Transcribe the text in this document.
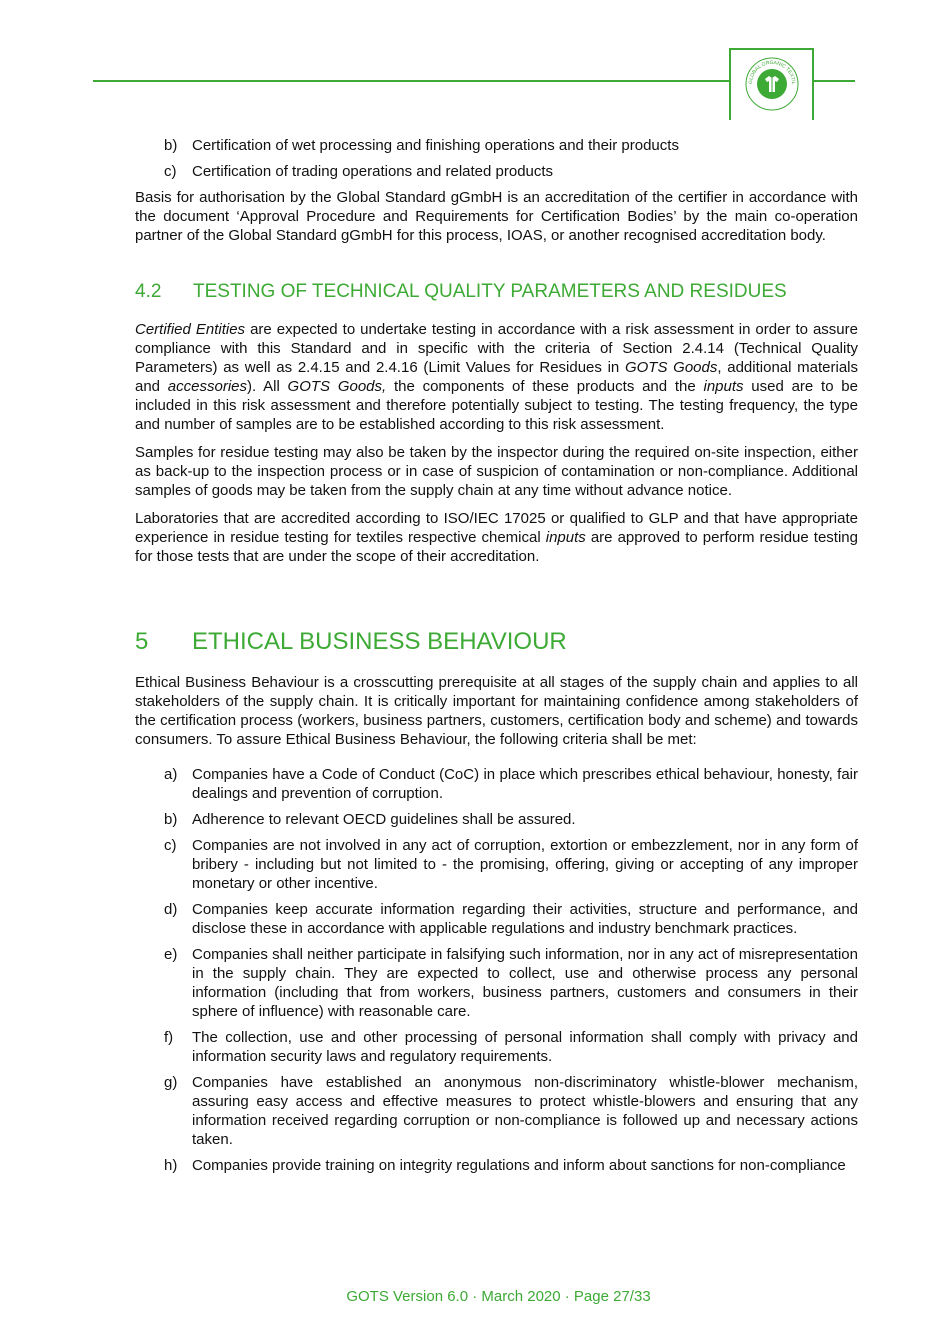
GLOBAL ORGANIC TEXTIL
b) Certification of wet processing and finishing operations and their products
c) Certification of trading operations and related products

Basis for authorisation by the Global Standard gGmbH is an accreditation of the certifier in accordance with the document ‘Approval Procedure and Requirements for Certification Bodies’ by the main co-operation partner of the Global Standard gGmbH for this process, IOAS, or another recognised accreditation body.

4.2 TESTING OF TECHNICAL QUALITY PARAMETERS AND RESIDUES

Certified Entities are expected to undertake testing in accordance with a risk assessment in order to assure compliance with this Standard and in specific with the criteria of Section 2.4.14 (Technical Quality Parameters) as well as 2.4.15 and 2.4.16 (Limit Values for Residues in GOTS Goods, additional materials and accessories). All GOTS Goods, the components of these products and the inputs used are to be included in this risk assessment and therefore potentially subject to testing. The testing frequency, the type and number of samples are to be established according to this risk assessment.

Samples for residue testing may also be taken by the inspector during the required on-site inspection, either as back-up to the inspection process or in case of suspicion of contamination or non-compliance. Additional samples of goods may be taken from the supply chain at any time without advance notice.

Laboratories that are accredited according to ISO/IEC 17025 or qualified to GLP and that have appropriate experience in residue testing for textiles respective chemical inputs are approved to perform residue testing for those tests that are under the scope of their accreditation.

5 ETHICAL BUSINESS BEHAVIOUR

Ethical Business Behaviour is a crosscutting prerequisite at all stages of the supply chain and applies to all stakeholders of the supply chain. It is critically important for maintaining confidence among stakeholders of the certification process (workers, business partners, customers, certification body and scheme) and towards consumers. To assure Ethical Business Behaviour, the following criteria shall be met:

a) Companies have a Code of Conduct (CoC) in place which prescribes ethical behaviour, honesty, fair dealings and prevention of corruption.
b) Adherence to relevant OECD guidelines shall be assured.
c) Companies are not involved in any act of corruption, extortion or embezzlement, nor in any form of bribery - including but not limited to - the promising, offering, giving or accepting of any improper monetary or other incentive.
d) Companies keep accurate information regarding their activities, structure and performance, and disclose these in accordance with applicable regulations and industry benchmark practices.
e) Companies shall neither participate in falsifying such information, nor in any act of misrepresentation in the supply chain. They are expected to collect, use and otherwise process any personal information (including that from workers, business partners, customers and consumers in their sphere of influence) with reasonable care.
f) The collection, use and other processing of personal information shall comply with privacy and information security laws and regulatory requirements.
g) Companies have established an anonymous non-discriminatory whistle-blower mechanism, assuring easy access and effective measures to protect whistle-blowers and ensuring that any information received regarding corruption or non-compliance is followed up and necessary actions taken.
h) Companies provide training on integrity regulations and inform about sanctions for non-compliance
GOTS Version 6.0 · March 2020 · Page 27/33
